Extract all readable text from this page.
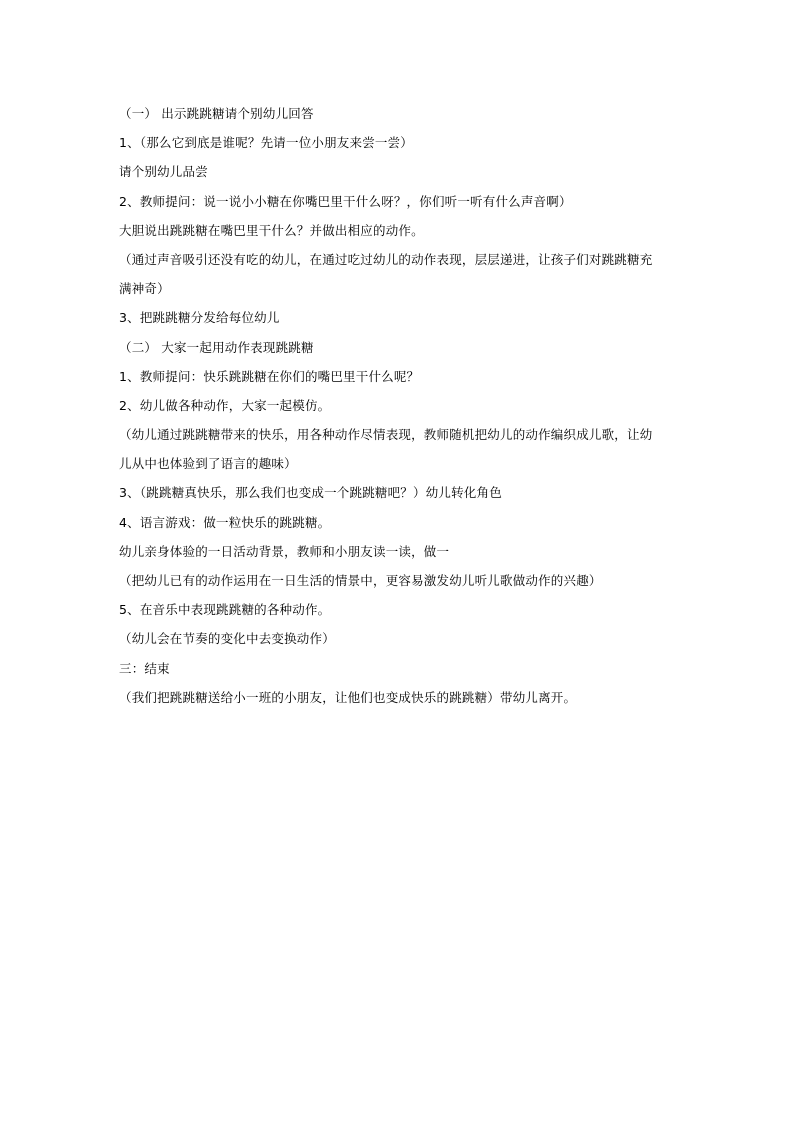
（一） 出示跳跳糖请个别幼儿回答
1、（那么它到底是谁呢？先请一位小朋友来尝一尝）
请个别幼儿品尝
2、教师提问：说一说小小糖在你嘴巴里干什么呀？，你们听一听有什么声音啊）
大胆说出跳跳糖在嘴巴里干什么？并做出相应的动作。
（通过声音吸引还没有吃的幼儿，在通过吃过幼儿的动作表现，层层递进，让孩子们对跳跳糖充
满神奇）
3、把跳跳糖分发给每位幼儿
（二） 大家一起用动作表现跳跳糖
1、教师提问：快乐跳跳糖在你们的嘴巴里干什么呢？
2、幼儿做各种动作，大家一起模仿。
（幼儿通过跳跳糖带来的快乐，用各种动作尽情表现，教师随机把幼儿的动作编织成儿歌，让幼
儿从中也体验到了语言的趣味）
3、（跳跳糖真快乐，那么我们也变成一个跳跳糖吧？）幼儿转化角色
4、语言游戏：做一粒快乐的跳跳糖。
幼儿亲身体验的一日活动背景，教师和小朋友读一读，做一
（把幼儿已有的动作运用在一日生活的情景中，更容易激发幼儿听儿歌做动作的兴趣）
5、在音乐中表现跳跳糖的各种动作。
（幼儿会在节奏的变化中去变换动作）
三：结束
（我们把跳跳糖送给小一班的小朋友，让他们也变成快乐的跳跳糖）带幼儿离开。
